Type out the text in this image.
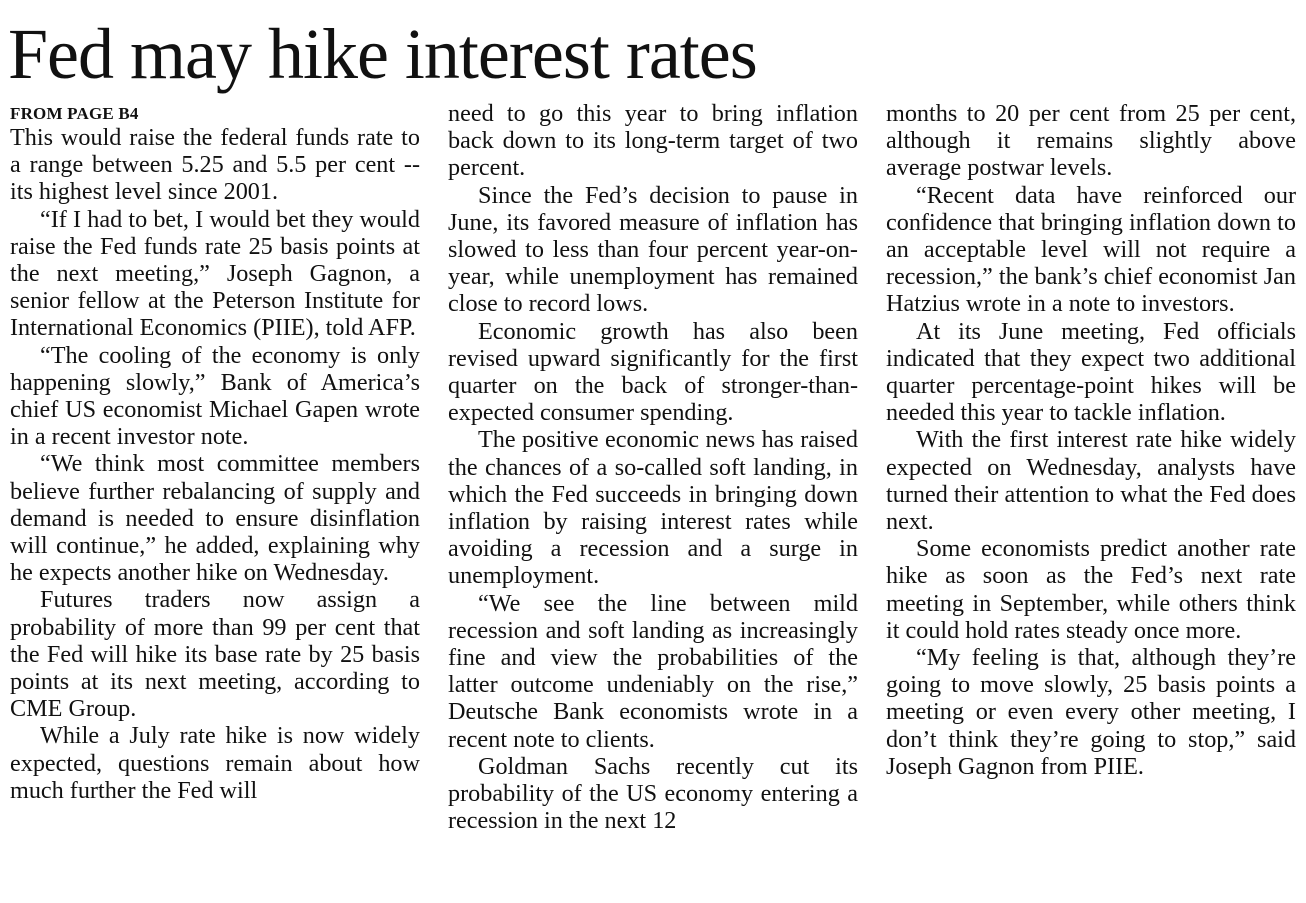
Fed may hike interest rates
FROM PAGE B4

This would raise the federal funds rate to a range between 5.25 and 5.5 per cent -- its highest level since 2001.

“If I had to bet, I would bet they would raise the Fed funds rate 25 basis points at the next meeting,” Joseph Gagnon, a senior fellow at the Peterson Institute for International Economics (PIIE), told AFP.

“The cooling of the economy is only happening slowly,” Bank of America’s chief US economist Michael Gapen wrote in a recent investor note.

“We think most committee members believe further rebalancing of supply and demand is needed to ensure disinflation will continue,” he added, explaining why he expects another hike on Wednesday.

Futures traders now assign a probability of more than 99 per cent that the Fed will hike its base rate by 25 basis points at its next meeting, according to CME Group.

While a July rate hike is now widely expected, questions remain about how much further the Fed will

need to go this year to bring inflation back down to its long-term target of two percent.

Since the Fed’s decision to pause in June, its favored measure of inflation has slowed to less than four percent year-on-year, while unemployment has remained close to record lows.

Economic growth has also been revised upward significantly for the first quarter on the back of stronger-than-expected consumer spending.

The positive economic news has raised the chances of a so-called soft landing, in which the Fed succeeds in bringing down inflation by raising interest rates while avoiding a recession and a surge in unemployment.

“We see the line between mild recession and soft landing as increasingly fine and view the probabilities of the latter outcome undeniably on the rise,” Deutsche Bank economists wrote in a recent note to clients.

Goldman Sachs recently cut its probability of the US economy entering a recession in the next 12

months to 20 per cent from 25 per cent, although it remains slightly above average postwar levels.

“Recent data have reinforced our confidence that bringing inflation down to an acceptable level will not require a recession,” the bank’s chief economist Jan Hatzius wrote in a note to investors.

At its June meeting, Fed officials indicated that they expect two additional quarter percentage-point hikes will be needed this year to tackle inflation.

With the first interest rate hike widely expected on Wednesday, analysts have turned their attention to what the Fed does next.

Some economists predict another rate hike as soon as the Fed’s next rate meeting in September, while others think it could hold rates steady once more.

“My feeling is that, although they’re going to move slowly, 25 basis points a meeting or even every other meeting, I don’t think they’re going to stop,” said Joseph Gagnon from PIIE.
